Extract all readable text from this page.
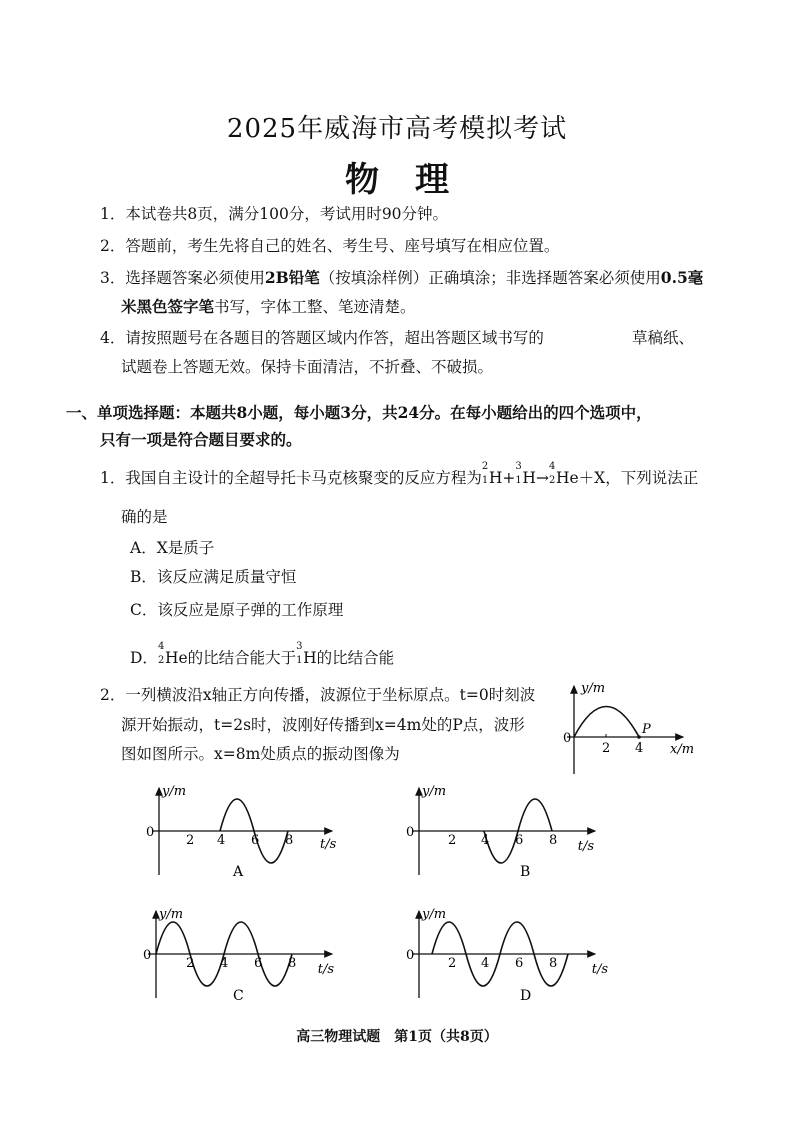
2025年威海市高考模拟考试
物理
1．本试卷共8页，满分100分，考试用时90分钟。
2．答题前，考生先将自己的姓名、考生号、座号填写在相应位置。
3．选择题答案必须使用2B铅笔（按填涂样例）正确填涂；非选择题答案必须使用0.5毫
米黑色签字笔书写，字体工整、笔迹清楚。
4．请按照题号在各题目的答题区域内作答，超出答题区域书写的	草稿纸、
试题卷上答题无效。保持卡面清洁，不折叠、不破损。
一、单项选择题：本题共8小题，每小题3分，共24分。在每小题给出的四个选项中，
只有一项是符合题目要求的。
1．我国自主设计的全超导托卡马克核聚变的反应方程为
2
1 H+
3
1 H→
4
2 He＋X，下列说法正
确的是
A．X是质子
B．该反应满足质量守恒
C．该反应是原子弹的工作原理
D．
4
2 He的比结合能大于
3
1 H的比结合能
2．一列横波沿x轴正方向传播，波源位于坐标原点。t=0时刻波
源开始振动，t=2s时，波刚好传播到x=4m处的P点，波形
图如图所示。x=8m处质点的振动图像为
y/m
0
2 4
P
x/m
y/m
0
2 4 6 8 t/s
A
y/m
0
2 4 6 8 t/s
B
y/m
0
2 4 6 8 t/s
C
y/m
0
2 4 6 8	t/s
D
高三物理试题　第1页（共8页）
